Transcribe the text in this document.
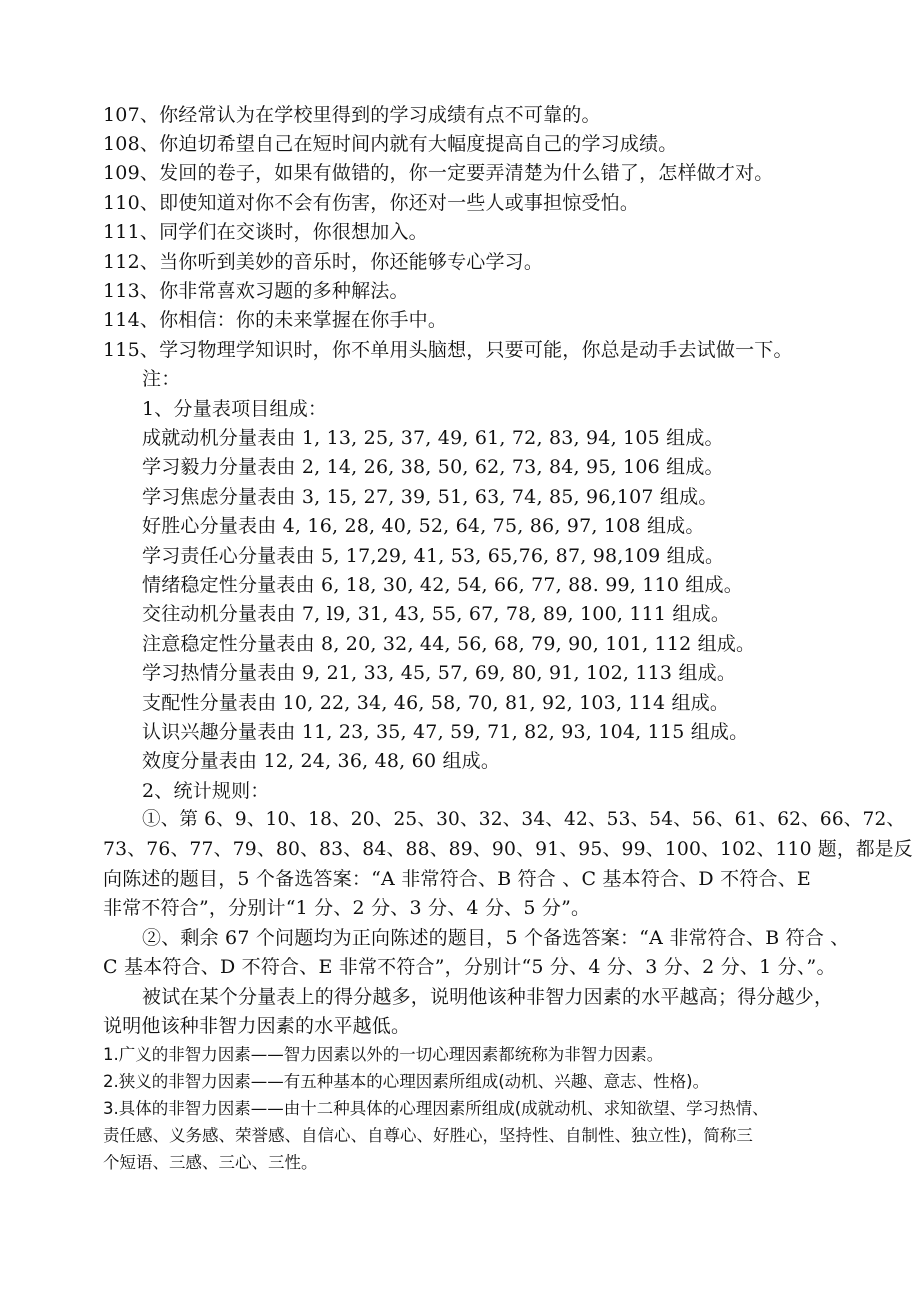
107、你经常认为在学校里得到的学习成绩有点不可靠的。
108、你迫切希望自己在短时间内就有大幅度提高自己的学习成绩。
109、发回的卷子，如果有做错的，你一定要弄清楚为什么错了，怎样做才对。
110、即使知道对你不会有伤害，你还对一些人或事担惊受怕。
111、同学们在交谈时，你很想加入。
112、当你听到美妙的音乐时，你还能够专心学习。
113、你非常喜欢习题的多种解法。
114、你相信：你的未来掌握在你手中。
115、学习物理学知识时，你不单用头脑想，只要可能，你总是动手去试做一下。
注：
1、分量表项目组成：
成就动机分量表由 1, 13, 25, 37, 49, 61, 72, 83, 94, 105 组成。
学习毅力分量表由 2, 14, 26, 38, 50, 62, 73, 84, 95, 106 组成。
学习焦虑分量表由 3, 15, 27, 39, 51, 63, 74, 85, 96,107 组成。
好胜心分量表由 4, 16, 28, 40, 52, 64, 75, 86, 97, 108 组成。
学习责任心分量表由 5, 17,29, 41, 53, 65,76, 87, 98,109 组成。
情绪稳定性分量表由 6, 18, 30, 42, 54, 66, 77, 88. 99, 110 组成。
交往动机分量表由 7, l9, 31, 43, 55, 67, 78, 89, 100, 111 组成。
注意稳定性分量表由 8, 20, 32, 44, 56, 68, 79, 90, 101, 112 组成。
学习热情分量表由 9, 21, 33, 45, 57, 69, 80, 91, 102, 113 组成。
支配性分量表由 10, 22, 34, 46, 58, 70, 81, 92, 103, 114 组成。
认识兴趣分量表由 11, 23, 35, 47, 59, 71, 82, 93, 104, 115 组成。
效度分量表由 12, 24, 36, 48, 60 组成。
2、统计规则：
①、第 6、9、10、18、20、25、30、32、34、42、53、54、56、61、62、66、72、
73、76、77、79、80、83、84、88、89、90、91、95、99、100、102、110 题，都是反
向陈述的题目，5 个备选答案：“A 非常符合、B 符合 、C 基本符合、D 不符合、E
非常不符合”，分别计“1 分、2 分、3 分、4 分、5 分”。
②、剩余 67 个问题均为正向陈述的题目，5 个备选答案：“A 非常符合、B 符合 、
C 基本符合、D 不符合、E 非常不符合”，分别计“5 分、4 分、3 分、2 分、1 分、”。
被试在某个分量表上的得分越多，说明他该种非智力因素的水平越高；得分越少，
说明他该种非智力因素的水平越低。
1.广义的非智力因素——智力因素以外的一切心理因素都统称为非智力因素。
2.狭义的非智力因素——有五种基本的心理因素所组成(动机、兴趣、意志、性格)。
3.具体的非智力因素——由十二种具体的心理因素所组成(成就动机、求知欲望、学习热情、
责任感、义务感、荣誉感、自信心、自尊心、好胜心，坚持性、自制性、独立性)，简称三
个短语、三感、三心、三性。
